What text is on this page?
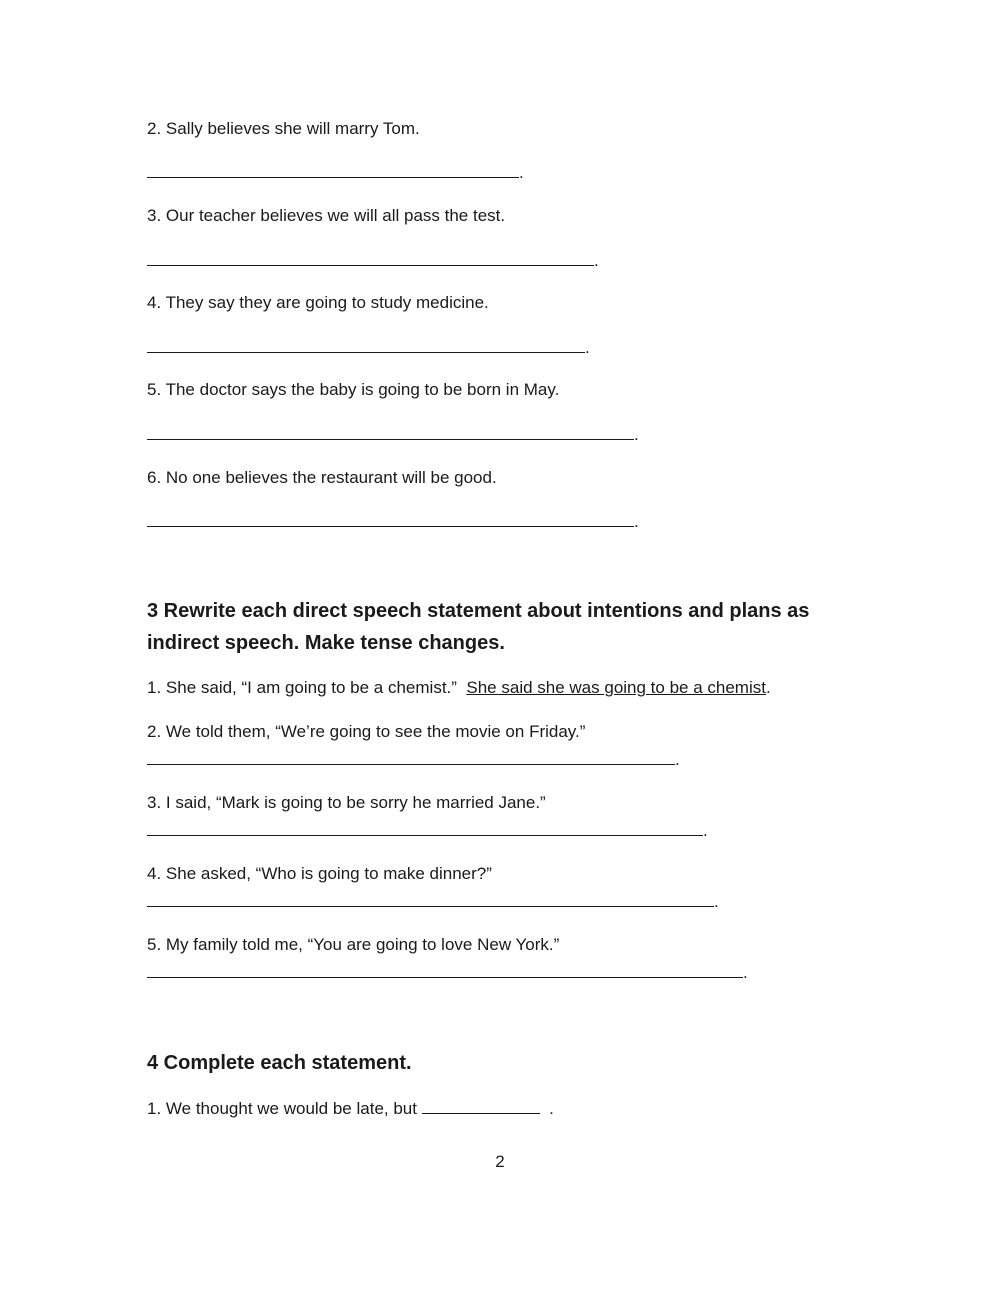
2. Sally believes she will marry Tom.
.
3. Our teacher believes we will all pass the test.
.
4. They say they are going to study medicine.
.
5. The doctor says the baby is going to be born in May.
.
6. No one believes the restaurant will be good.
.
3 Rewrite each direct speech statement about intentions and plans as
indirect speech. Make tense changes.
1. She said, “I am going to be a chemist.” She said she was going to be a chemist.
2. We told them, “We’re going to see the movie on Friday.”
.
3. I said, “Mark is going to be sorry he married Jane.”
.
4. She asked, “Who is going to make dinner?”
.
5. My family told me, “You are going to love New York.”
.
4 Complete each statement.
1. We thought we would be late, but	.
2
